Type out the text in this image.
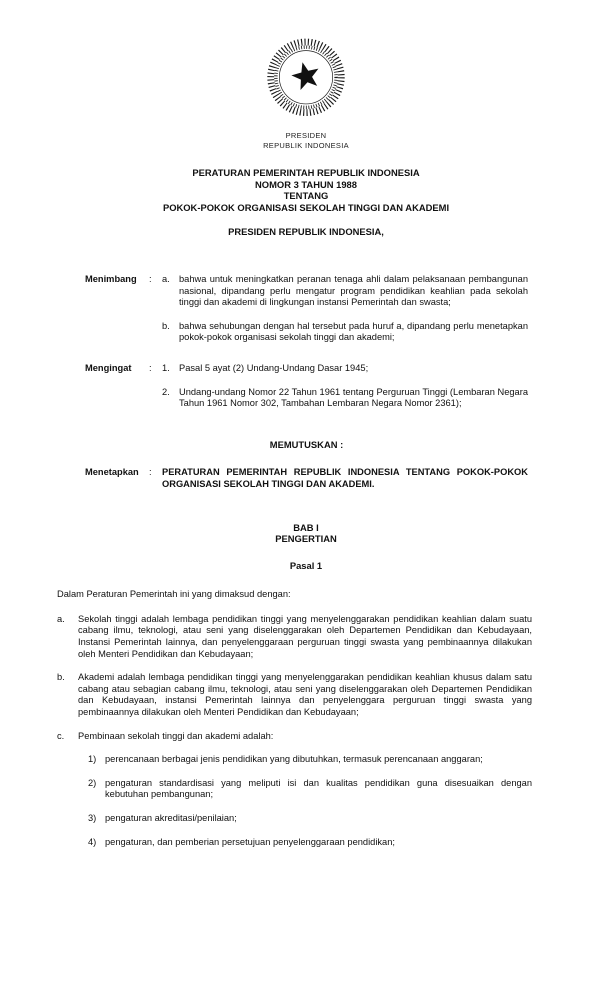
PRESIDEN
REPUBLIK INDONESIA
PERATURAN PEMERINTAH REPUBLIK INDONESIA
NOMOR 3 TAHUN 1988
TENTANG
POKOK-POKOK ORGANISASI SEKOLAH TINGGI DAN AKADEMI
PRESIDEN REPUBLIK INDONESIA,
Menimbang	:	a. bahwa untuk meningkatkan peranan tenaga ahli dalam pelaksanaan pembangunan nasional, dipandang perlu mengatur program pendidikan keahlian pada sekolah tinggi dan akademi di lingkungan instansi Pemerintah dan swasta;
b. bahwa sehubungan dengan hal tersebut pada huruf a, dipandang perlu menetapkan pokok-pokok organisasi sekolah tinggi dan akademi;
Mengingat	:	1. Pasal 5 ayat (2) Undang-Undang Dasar 1945;
2. Undang-undang Nomor 22 Tahun 1961 tentang Perguruan Tinggi (Lembaran Negara Tahun 1961 Nomor 302, Tambahan Lembaran Negara Nomor 2361);
MEMUTUSKAN :
Menetapkan	:	PERATURAN PEMERINTAH REPUBLIK INDONESIA TENTANG POKOK-POKOK ORGANISASI SEKOLAH TINGGI DAN AKADEMI.
BAB I
PENGERTIAN
Pasal 1
Dalam Peraturan Pemerintah ini yang dimaksud dengan:
a.	Sekolah tinggi adalah lembaga pendidikan tinggi yang menyelenggarakan pendidikan keahlian dalam suatu cabang ilmu, teknologi, atau seni yang diselenggarakan oleh Departemen Pendidikan dan Kebudayaan, Instansi Pemerintah lainnya, dan penyelenggaraan perguruan tinggi swasta yang pembinaannya dilakukan oleh Menteri Pendidikan dan Kebudayaan;
b.	Akademi adalah lembaga pendidikan tinggi yang menyelenggarakan pendidikan keahlian khusus dalam satu cabang atau sebagian cabang ilmu, teknologi, atau seni yang diselenggarakan oleh Departemen Pendidikan dan Kebudayaan, instansi Pemerintah lainnya dan penyelenggara perguruan tinggi swasta yang pembinaannya dilakukan oleh Menteri Pendidikan dan Kebudayaan;
c.	Pembinaan sekolah tinggi dan akademi adalah:
1) perencanaan berbagai jenis pendidikan yang dibutuhkan, termasuk perencanaan anggaran;
2) pengaturan standardisasi yang meliputi isi dan kualitas pendidikan guna disesuaikan dengan kebutuhan pembangunan;
3) pengaturan akreditasi/penilaian;
4) pengaturan, dan pemberian persetujuan penyelenggaraan pendidikan;
